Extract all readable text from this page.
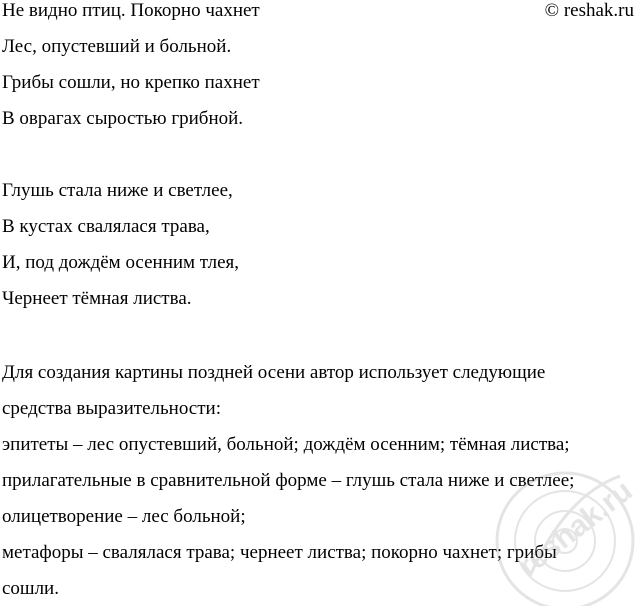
© reshak.ru
Не видно птиц. Покорно чахнет
Лес, опустевший и больной.
Грибы сошли, но крепко пахнет
В оврагах сыростью грибной.
Глушь стала ниже и светлее,
В кустах свалялася трава,
И, под дождём осенним тлея,
Чернеет тёмная листва.
Для создания картины поздней осени автор использует следующие
средства выразительности:
эпитеты – лес опустевший, больной; дождём осенним; тёмная листва;
прилагательные в сравнительной форме – глушь стала ниже и светлее;
олицетворение – лес больной;
метафоры – свалялася трава; чернеет листва; покорно чахнет; грибы
сошли.
reshak.ru
